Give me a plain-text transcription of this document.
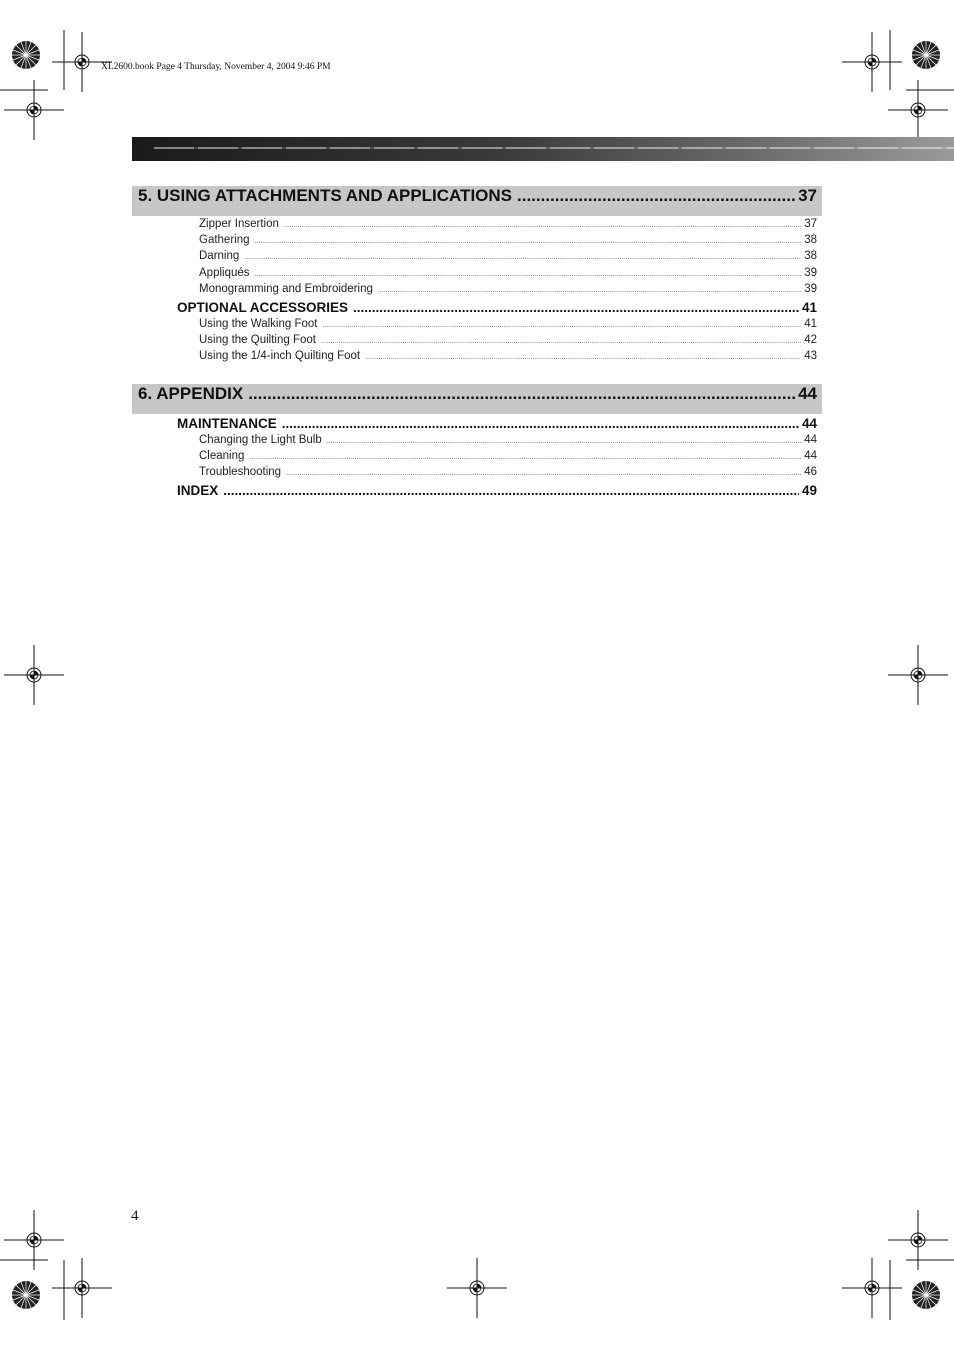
XL2600.book Page 4 Thursday, November 4, 2004 9:46 PM
5. USING ATTACHMENTS AND APPLICATIONS .....	37
Zipper Insertion .....	37
Gathering .....	38
Darning .....	38
Appliqués .....	39
Monogramming and Embroidering .....	39
OPTIONAL ACCESSORIES .....	41
Using the Walking Foot .....	41
Using the Quilting Foot .....	42
Using the 1/4-inch Quilting Foot .....	43
6. APPENDIX .....	44
MAINTENANCE .....	44
Changing the Light Bulb .....	44
Cleaning .....	44
Troubleshooting .....	46
INDEX .....	49
4
